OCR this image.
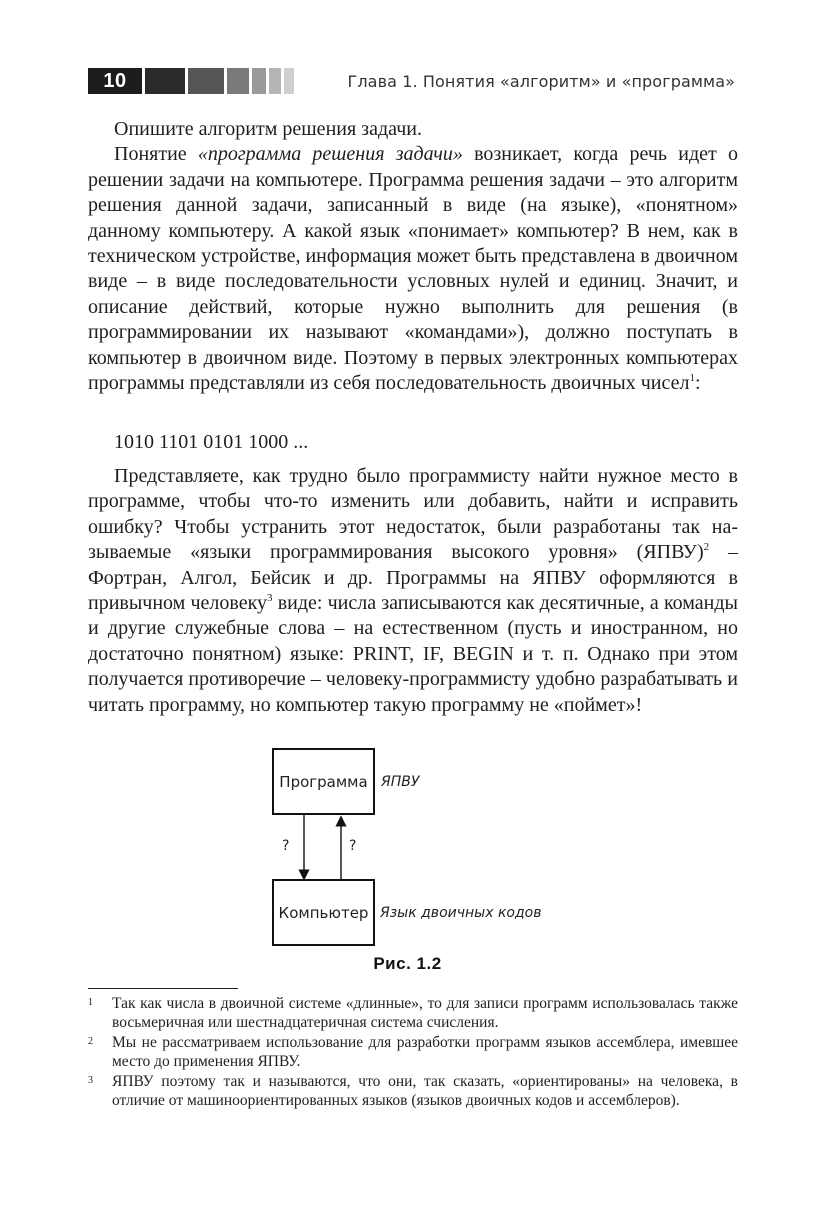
10	Глава 1. Понятия «алгоритм» и «программа»

Опишите алгоритм решения задачи.

Понятие «программа решения задачи» возникает, когда речь идет о решении задачи на компьютере. Программа решения задачи – это алгоритм решения данной задачи, записанный в виде (на языке), «понятном» данному компьютеру. А какой язык «понимает» компьютер? В нем, как в техническом устройстве, информация может быть представлена в двоичном виде – в виде последовательности условных нулей и единиц. Значит, и описание действий, которые нужно выполнить для решения (в программировании их называют «командами»), должно поступать в компьютер в двоичном виде. Поэтому в первых электронных компьютерах программы представляли из себя последовательность двоичных чисел$^1$:

1010 1101 0101 1000 ...

Представляете, как трудно было программисту найти нужное место в программе, чтобы что-то изменить или добавить, найти и исправить ошибку? Чтобы устранить этот недостаток, были разработаны так называемые «языки программирования высокого уровня» (ЯПВУ)$^2$ – Фортран, Алгол, Бейсик и др. Программы на ЯПВУ оформляются в привычном человеку$^3$ виде: числа записываются как десятичные, а команды и другие служебные слова – на естественном (пусть и иностранном, но достаточно понятном) языке: PRINT, IF, BEGIN и т. п. Однако при этом получается противоречие – человеку-программисту удобно разрабатывать и читать программу, но компьютер такую программу не «поймет»!

Программа ЯПВУ
?	?
Компьютер Язык двоичных кодов
Рис. 1.2
1 Так как числа в двоичной системе «длинные», то для записи программ использовалась также восьмеричная или шестнадцатеричная система счисления.
2 Мы не рассматриваем использование для разработки программ языков ассемблера, имевшее место до применения ЯПВУ.
3 ЯПВУ поэтому так и называются, что они, так сказать, «ориентированы» на человека, в отличие от машиноориентированных языков (языков двоичных кодов и ассемблеров).
